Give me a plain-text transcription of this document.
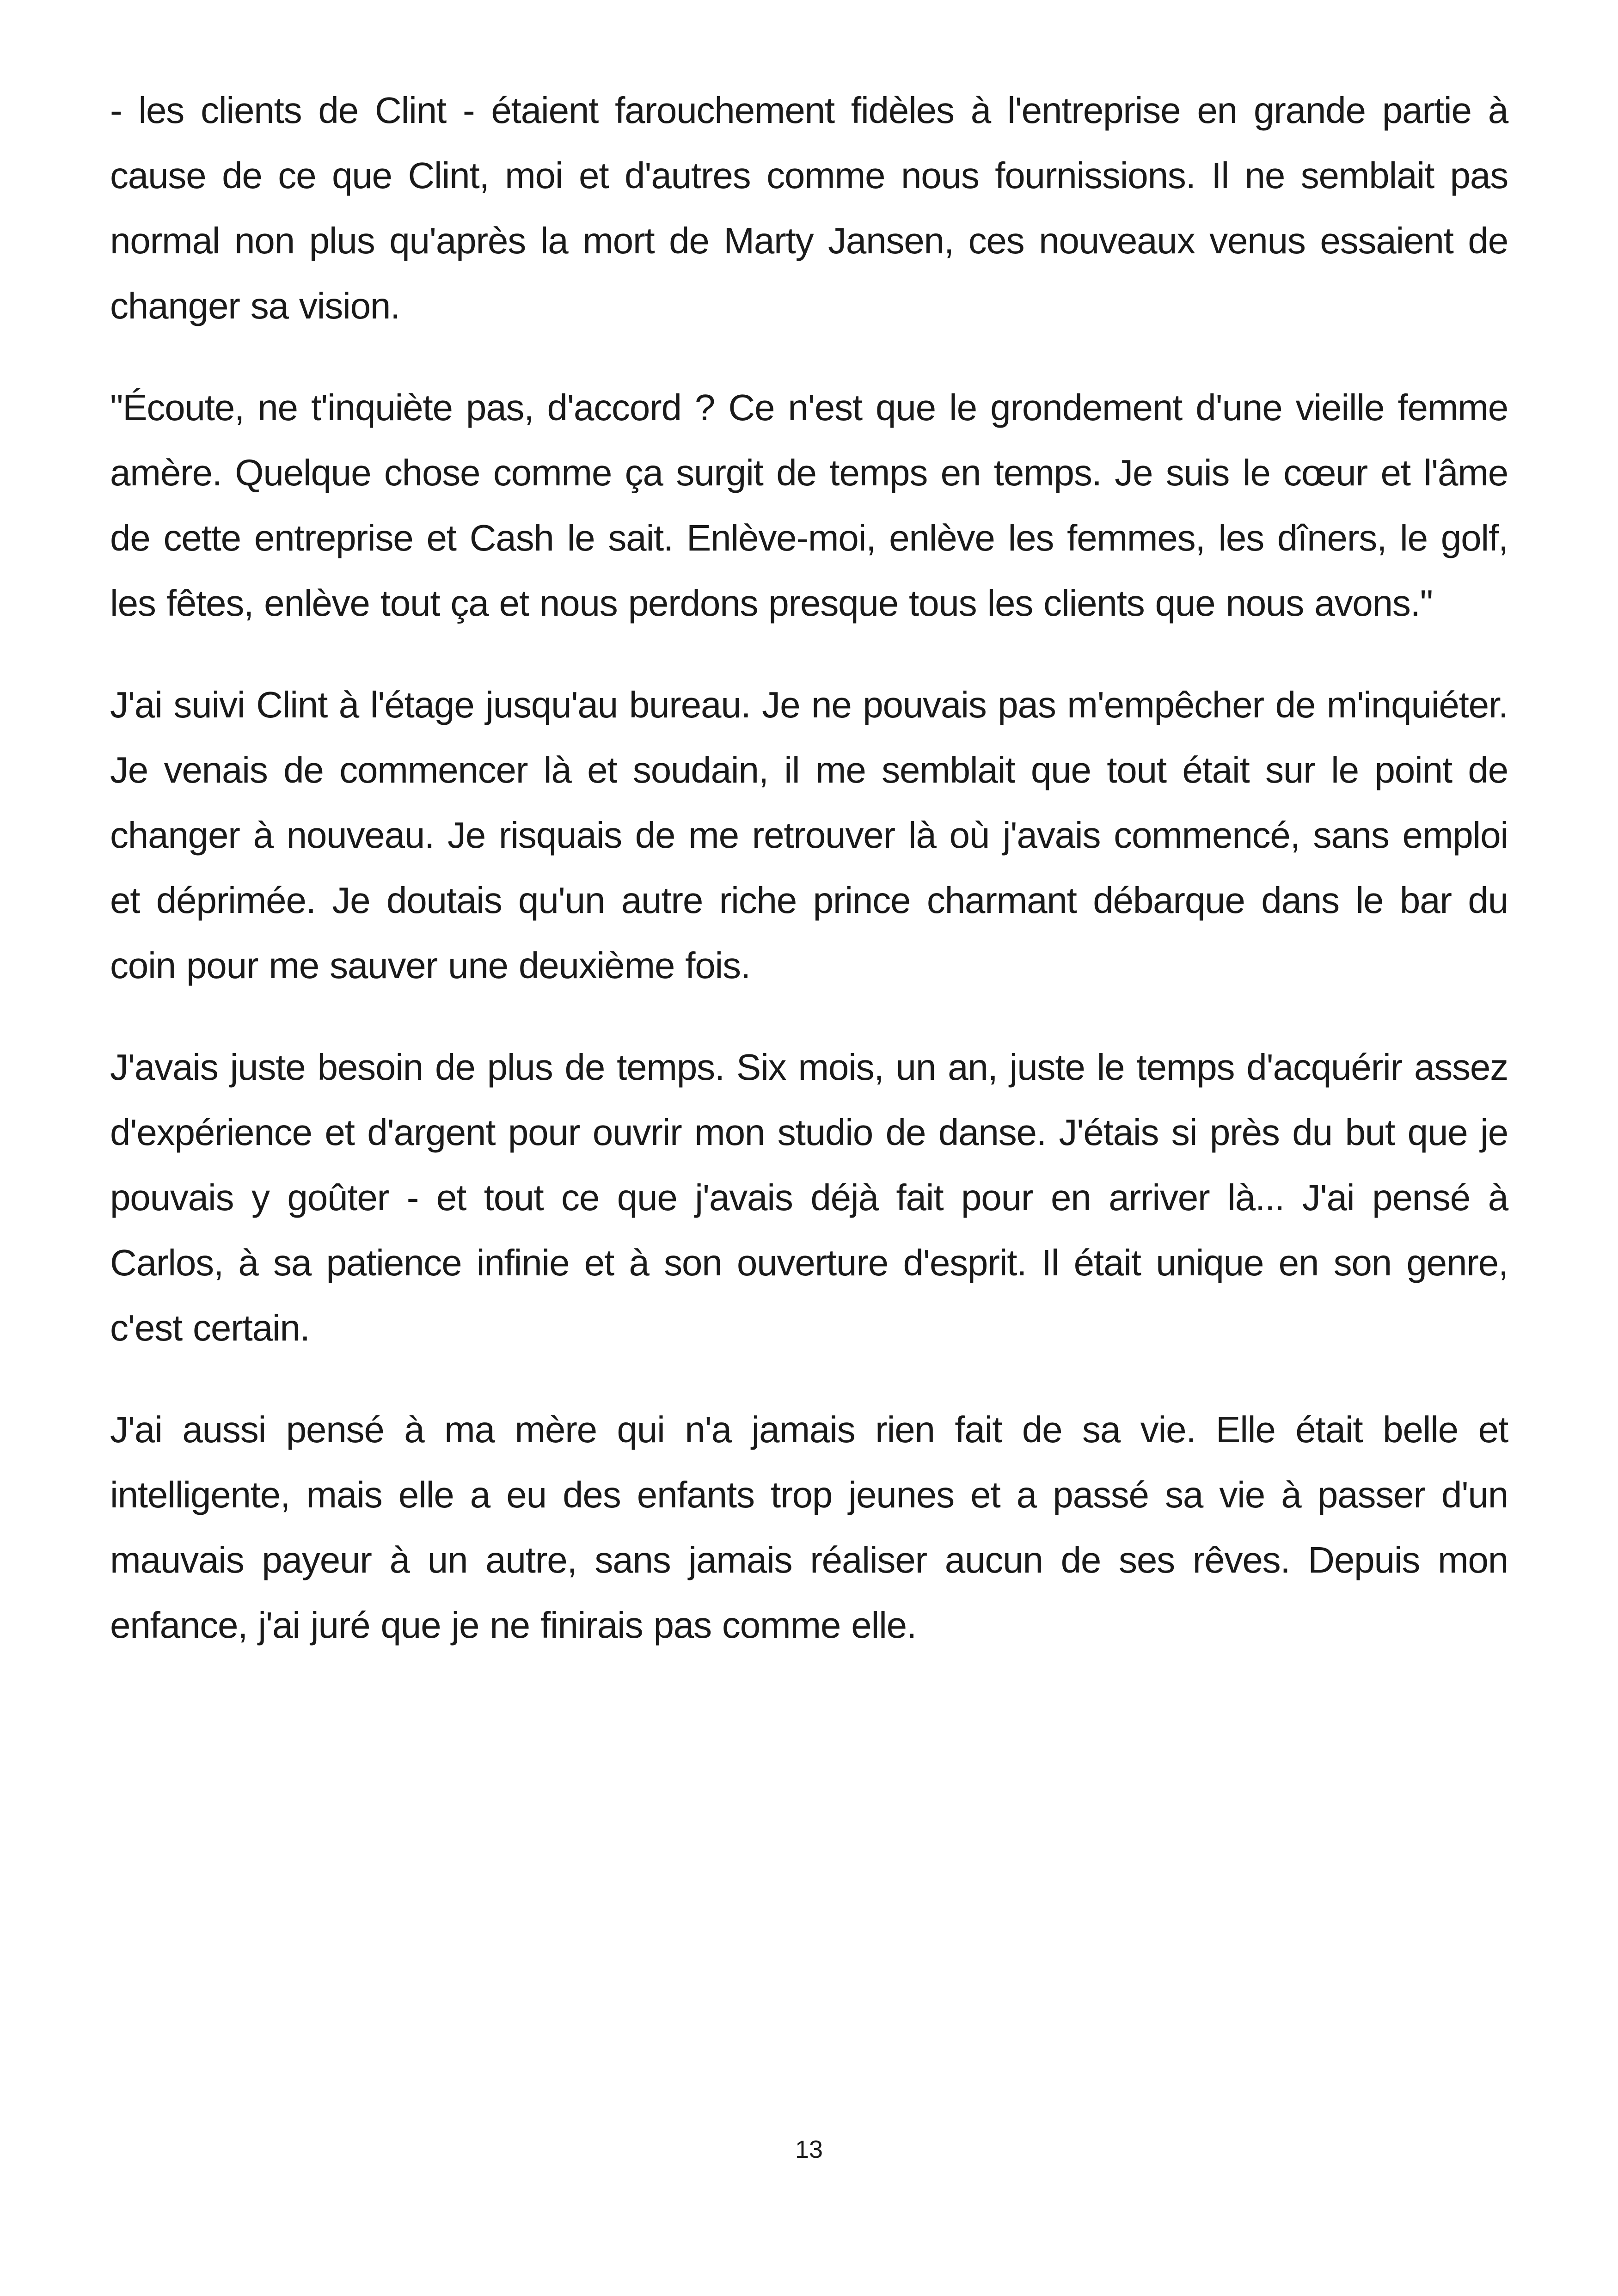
- les clients de Clint - étaient farouchement fidèles à l'entreprise en grande partie à cause de ce que Clint, moi et d'autres comme nous fournissions. Il ne semblait pas normal non plus qu'après la mort de Marty Jansen, ces nouveaux venus essaient de changer sa vision.

"Écoute, ne t'inquiète pas, d'accord ? Ce n'est que le grondement d'une vieille femme amère. Quelque chose comme ça surgit de temps en temps. Je suis le cœur et l'âme de cette entreprise et Cash le sait. Enlève-moi, enlève les femmes, les dîners, le golf, les fêtes, enlève tout ça et nous perdons presque tous les clients que nous avons."

J'ai suivi Clint à l'étage jusqu'au bureau. Je ne pouvais pas m'empêcher de m'inquiéter. Je venais de commencer là et soudain, il me semblait que tout était sur le point de changer à nouveau. Je risquais de me retrouver là où j'avais commencé, sans emploi et déprimée. Je doutais qu'un autre riche prince charmant débarque dans le bar du coin pour me sauver une deuxième fois.

J'avais juste besoin de plus de temps. Six mois, un an, juste le temps d'acquérir assez d'expérience et d'argent pour ouvrir mon studio de danse. J'étais si près du but que je pouvais y goûter - et tout ce que j'avais déjà fait pour en arriver là... J'ai pensé à Carlos, à sa patience infinie et à son ouverture d'esprit. Il était unique en son genre, c'est certain.

J'ai aussi pensé à ma mère qui n'a jamais rien fait de sa vie. Elle était belle et intelligente, mais elle a eu des enfants trop jeunes et a passé sa vie à passer d'un mauvais payeur à un autre, sans jamais réaliser aucun de ses rêves. Depuis mon enfance, j'ai juré que je ne finirais pas comme elle.

13
